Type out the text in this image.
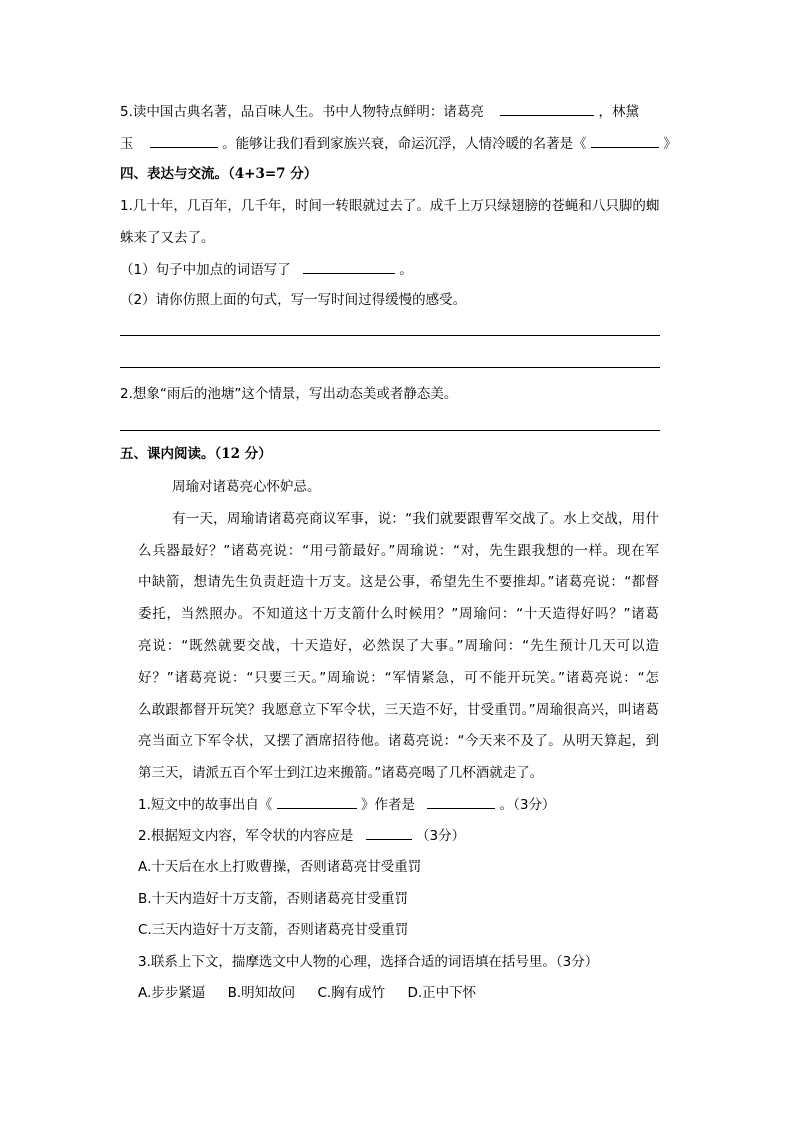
5.读中国古典名著，品百味人生。书中人物特点鲜明：诸葛亮	，林黛
玉	。能够让我们看到家族兴衰，命运沉浮，人情冷暖的名著是《	》
四、表达与交流。（4+3=7 分）
1.几十年，几百年，几千年，时间一转眼就过去了。成千上万只绿翅膀的苍蝇和八只脚的蜘
蛛来了又去了。
（1）句子中加点的词语写了	。
（2）请你仿照上面的句式，写一写时间过得缓慢的感受。
2.想象“雨后的池塘”这个情景，写出动态美或者静态美。
五、课内阅读。（12 分）
周瑜对诸葛亮心怀妒忌。
有一天，周瑜请诸葛亮商议军事，说：“我们就要跟曹军交战了。水上交战，用什
么兵器最好？”诸葛亮说：“用弓箭最好。”周瑜说：“对，先生跟我想的一样。现在军
中缺箭，想请先生负责赶造十万支。这是公事，希望先生不要推却。”诸葛亮说：“都督
委托，当然照办。不知道这十万支箭什么时候用？”周瑜问：“十天造得好吗？”诸葛
亮说：“既然就要交战，十天造好，必然误了大事。”周瑜问：“先生预计几天可以造
好？”诸葛亮说：“只要三天。”周瑜说：“军情紧急，可不能开玩笑。”诸葛亮说：“怎
么敢跟都督开玩笑？我愿意立下军令状，三天造不好，甘受重罚。”周瑜很高兴，叫诸葛
亮当面立下军令状，又摆了酒席招待他。诸葛亮说：“今天来不及了。从明天算起，到
第三天，请派五百个军士到江边来搬箭。”诸葛亮喝了几杯酒就走了。
1.短文中的故事出自《	》作者是	。（3分）
2.根据短文内容，军令状的内容应是	（3分）
A.十天后在水上打败曹操，否则诸葛亮甘受重罚
B.十天内造好十万支箭，否则诸葛亮甘受重罚
C.三天内造好十万支箭，否则诸葛亮甘受重罚
3.联系上下文，揣摩选文中人物的心理，选择合适的词语填在括号里。（3分）
A.步步紧逼 B.明知故问 C.胸有成竹 D.正中下怀
